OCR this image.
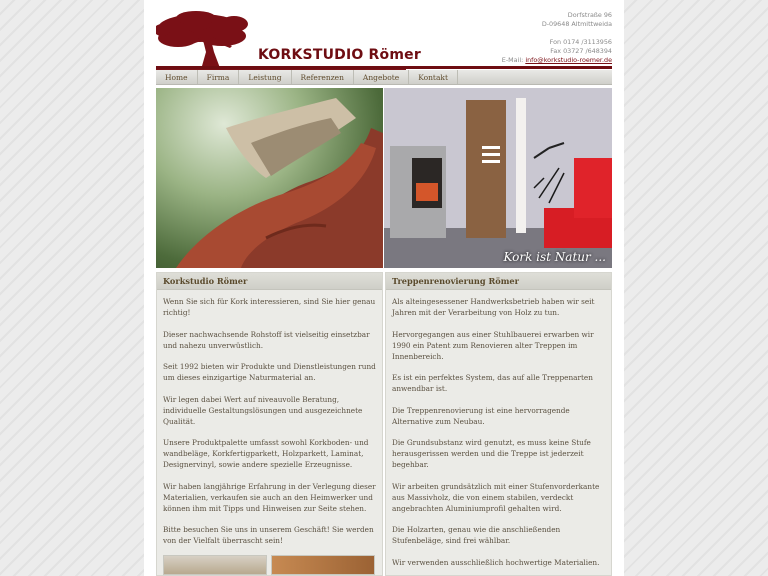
KORKSTUDIO Römer
Dorfstraße 96
D-09648 Altmittweida
Fon 0174 /3113956
Fax 03727 /648394
E-Mail: info@korkstudio-roemer.de
Home	Firma	Leistung	Referenzen	Angebote	Kontakt
Kork ist Natur ...
Korkstudio Römer

Wenn Sie sich für Kork interessieren, sind Sie hier genau richtig!

Dieser nachwachsende Rohstoff ist vielseitig einsetzbar und nahezu unverwüstlich.

Seit 1992 bieten wir Produkte und Dienstleistungen rund um dieses einzigartige Naturmaterial an.

Wir legen dabei Wert auf niveauvolle Beratung, individuelle Gestaltungslösungen und ausgezeichnete Qualität.

Unsere Produktpalette umfasst sowohl Korkboden- und wandbeläge, Korkfertigparkett, Holzparkett, Laminat, Designervinyl, sowie andere spezielle Erzeugnisse.

Wir haben langjährige Erfahrung in der Verlegung dieser Materialien, verkaufen sie auch an den Heimwerker und können ihm mit Tipps und Hinweisen zur Seite stehen.

Bitte besuchen Sie uns in unserem Geschäft! Sie werden von der Vielfalt überrascht sein!

Treppenrenovierung Römer

Als alteingesessener Handwerksbetrieb haben wir seit Jahren mit der Verarbeitung von Holz zu tun.

Hervorgegangen aus einer Stuhlbauerei erwarben wir 1990 ein Patent zum Renovieren alter Treppen im Innenbereich.

Es ist ein perfektes System, das auf alle Treppenarten anwendbar ist.

Die Treppenrenovierung ist eine hervorragende Alternative zum Neubau.

Die Grundsubstanz wird genutzt, es muss keine Stufe herausgerissen werden und die Treppe ist jederzeit begehbar.

Wir arbeiten grundsätzlich mit einer Stufenvorderkante aus Massivholz, die von einem stabilen, verdeckt angebrachten Aluminiumprofil gehalten wird.

Die Holzarten, genau wie die anschließenden Stufenbeläge, sind frei wählbar.

Wir verwenden ausschließlich hochwertige Materialien.
